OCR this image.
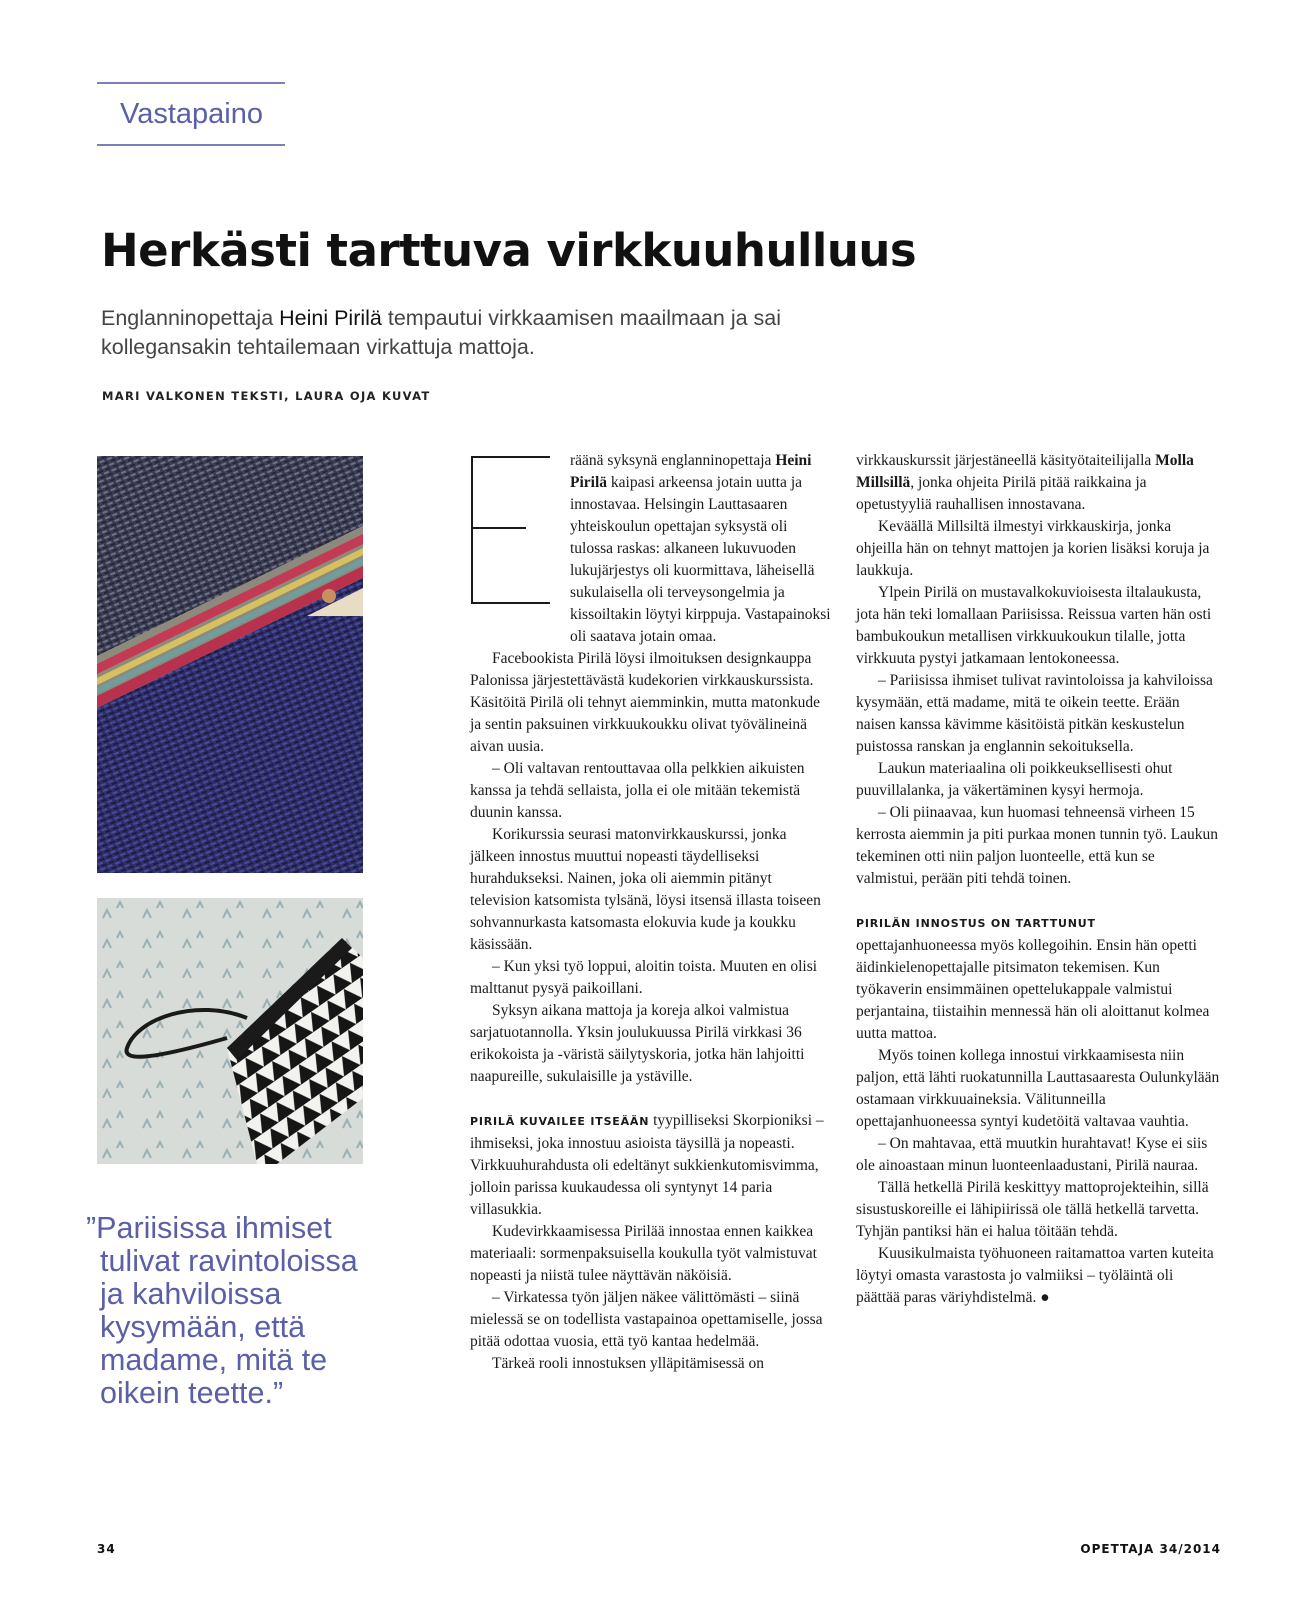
Vastapaino
Herkästi tarttuva virkkuuhulluus
Englanninopettaja Heini Pirilä tempautui virkkaamisen maailmaan ja sai kollegansakin tehtailemaan virkattuja mattoja.
MARI VALKONEN TEKSTI, LAURA OJA KUVAT
”Pariisissa ihmiset
tulivat ravintoloissa
ja kahviloissa
kysymään, että
madame, mitä te
oikein teette.”

räänä syksynä englanninopettaja Heini Pirilä kaipasi arkeensa jotain uutta ja innostavaa. Helsingin Lauttasaaren yhteiskoulun opettajan syksystä oli tulossa raskas: alkaneen lukuvuoden lukujärjestys oli kuormittava, läheisellä sukulaisella oli terveysongelmia ja kissoiltakin löytyi kirppuja. Vastapainoksi oli saatava jotain omaa.

Facebookista Pirilä löysi ilmoituksen designkauppa Palonissa järjestettävästä kudekorien virkkauskurssista. Käsitöitä Pirilä oli tehnyt aiemminkin, mutta matonkude ja sentin paksuinen virkkuukoukku olivat työvälineinä aivan uusia.

– Oli valtavan rentouttavaa olla pelkkien aikuisten kanssa ja tehdä sellaista, jolla ei ole mitään tekemistä duunin kanssa.

Korikurssia seurasi matonvirkkauskurssi, jonka jälkeen innostus muuttui nopeasti täydelliseksi hurahdukseksi. Nainen, joka oli aiemmin pitänyt television katsomista tylsänä, löysi itsensä illasta toiseen sohvannurkasta katsomasta elokuvia kude ja koukku käsissään.

– Kun yksi työ loppui, aloitin toista. Muuten en olisi malttanut pysyä paikoillani.

Syksyn aikana mattoja ja koreja alkoi valmistua sarjatuotannolla. Yksin joulukuussa Pirilä virkkasi 36 erikokoista ja -väristä säilytyskoria, jotka hän lahjoitti naapureille, sukulaisille ja ystäville.

PIRILÄ KUVAILEE ITSEÄÄN tyypilliseksi Skorpioniksi – ihmiseksi, joka innostuu asioista täysillä ja nopeasti. Virkkuuhurahdusta oli edeltänyt sukkienkutomisvimma, jolloin parissa kuukaudessa oli syntynyt 14 paria villasukkia.

Kudevirkkaamisessa Pirilää innostaa ennen kaikkea materiaali: sormenpaksuisella koukulla työt valmistuvat nopeasti ja niistä tulee näyttävän näköisiä.

– Virkatessa työn jäljen näkee välittömästi – siinä mielessä se on todellista vastapainoa opettamiselle, jossa pitää odottaa vuosia, että työ kantaa hedelmää.

Tärkeä rooli innostuksen ylläpitämisessä on

virkkauskurssit järjestäneellä käsityötaiteilijalla Molla Millsillä, jonka ohjeita Pirilä pitää raikkaina ja opetustyyliä rauhallisen innostavana.

Keväällä Millsiltä ilmestyi virkkauskirja, jonka ohjeilla hän on tehnyt mattojen ja korien lisäksi koruja ja laukkuja.

Ylpein Pirilä on mustavalkokuvioisesta iltalaukusta, jota hän teki lomallaan Pariisissa. Reissua varten hän osti bambukoukun metallisen virkkuukoukun tilalle, jotta virkkuuta pystyi jatkamaan lentokoneessa.

– Pariisissa ihmiset tulivat ravintoloissa ja kahviloissa kysymään, että madame, mitä te oikein teette. Erään naisen kanssa kävimme käsitöistä pitkän keskustelun puistossa ranskan ja englannin sekoituksella.

Laukun materiaalina oli poikkeuksellisesti ohut puuvillalanka, ja väkertäminen kysyi hermoja.

– Oli piinaavaa, kun huomasi tehneensä virheen 15 kerrosta aiemmin ja piti purkaa monen tunnin työ. Laukun tekeminen otti niin paljon luonteelle, että kun se valmistui, perään piti tehdä toinen.

PIRILÄN INNOSTUS ON TARTTUNUT opettajanhuoneessa myös kollegoihin. Ensin hän opetti äidinkielenopettajalle pitsimaton tekemisen. Kun työkaverin ensimmäinen opettelukappale valmistui perjantaina, tiistaihin mennessä hän oli aloittanut kolmea uutta mattoa.

Myös toinen kollega innostui virkkaamisesta niin paljon, että lähti ruokatunnilla Lauttasaaresta Oulunkylään ostamaan virkkuuaineksia. Välitunneilla opettajanhuoneessa syntyi kudetöitä valtavaa vauhtia.

– On mahtavaa, että muutkin hurahtavat! Kyse ei siis ole ainoastaan minun luonteenlaadustani, Pirilä nauraa.

Tällä hetkellä Pirilä keskittyy mattoprojekteihin, sillä sisustuskoreille ei lähipiirissä ole tällä hetkellä tarvetta. Tyhjän pantiksi hän ei halua töitään tehdä.

Kuusikulmaista työhuoneen raitamattoa varten kuteita löytyi omasta varastosta jo valmiiksi – työläintä oli päättää paras väriyhdistelmä. ●

34	OPETTAJA 34/2014
